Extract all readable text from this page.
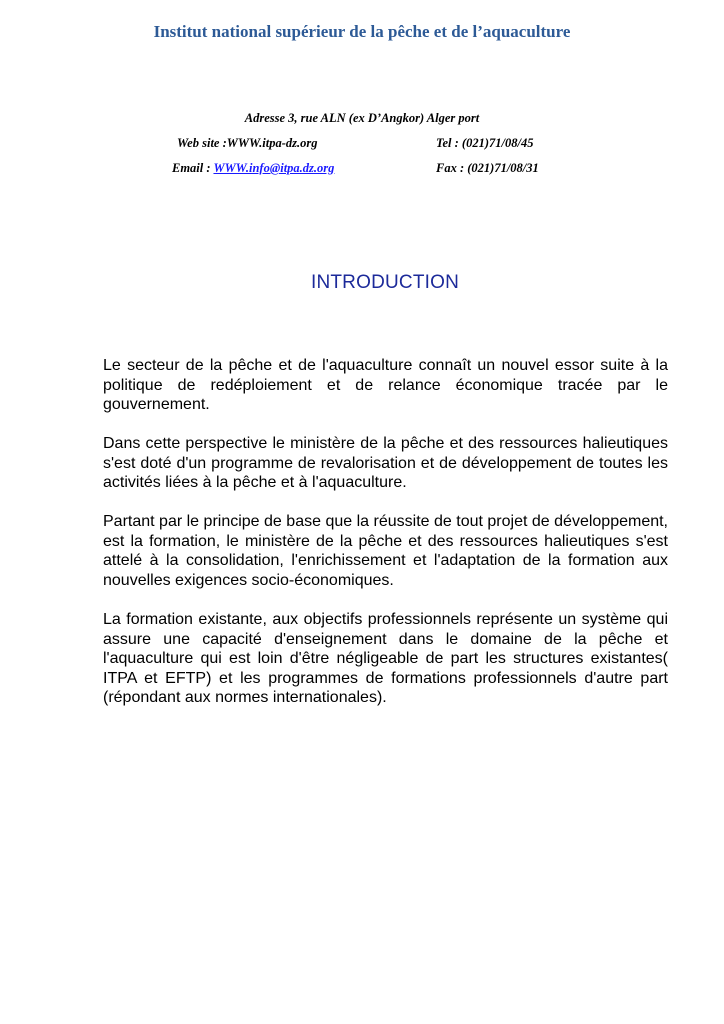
Institut national supérieur de la pêche et de l’aquaculture
Adresse 3, rue ALN (ex D’Angkor) Alger port
Web site :WWW.itpa-dz.org	Tel : (021)71/08/45
Email : WWW.info@itpa.dz.org	Fax : (021)71/08/31
INTRODUCTION

Le secteur de la pêche et de l'aquaculture connaît un nouvel essor suite à la politique de redéploiement et de relance économique tracée par le gouvernement.

Dans cette perspective le ministère de la pêche et des ressources halieutiques s'est doté d'un programme de revalorisation et de développement de toutes les activités liées à la pêche et à l'aquaculture.

Partant par le principe de base que la réussite de tout projet de développement, est la formation, le ministère de la pêche et des ressources halieutiques s'est attelé à la consolidation, l'enrichissement et l'adaptation de la formation aux nouvelles exigences socio-économiques.

La formation existante, aux objectifs professionnels représente un système qui assure une capacité d'enseignement dans le domaine de la pêche et l'aquaculture qui est loin d'être négligeable de part les structures existantes( ITPA et EFTP) et les programmes de formations professionnels d'autre part (répondant aux normes internationales).
